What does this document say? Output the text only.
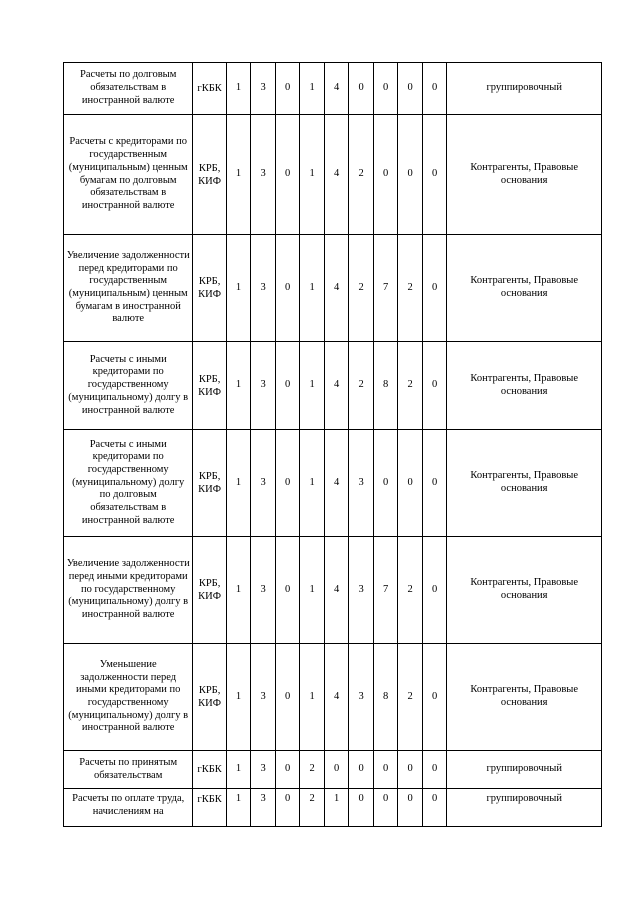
Расчеты по долговым обязательствам в иностранной валюте	гКБК	1	3	0	1	4	0	0	0	0	группировочный
Расчеты с кредиторами по государственным (муниципальным) ценным бумагам по долговым обязательствам в иностранной валюте	КРБ, КИФ	1	3	0	1	4	2	0	0	0	Контрагенты, Правовые основания
Увеличение задолженности перед кредиторами по государственным (муниципальным) ценным бумагам в иностранной валюте	КРБ, КИФ	1	3	0	1	4	2	7	2	0	Контрагенты, Правовые основания
Расчеты с иными кредиторами по государственному (муниципальному) долгу в иностранной валюте	КРБ, КИФ	1	3	0	1	4	2	8	2	0	Контрагенты, Правовые основания
Расчеты с иными кредиторами по государственному (муниципальному) долгу по долговым обязательствам в иностранной валюте	КРБ, КИФ	1	3	0	1	4	3	0	0	0	Контрагенты, Правовые основания
Увеличение задолженности перед иными кредиторами по государственному (муниципальному) долгу в иностранной валюте	КРБ, КИФ	1	3	0	1	4	3	7	2	0	Контрагенты, Правовые основания
Уменьшение задолженности перед иными кредиторами по государственному (муниципальному) долгу в иностранной валюте	КРБ, КИФ	1	3	0	1	4	3	8	2	0	Контрагенты, Правовые основания
Расчеты по принятым обязательствам	гКБК	1	3	0	2	0	0	0	0	0	группировочный
Расчеты по оплате труда, начислениям на	гКБК	1	3	0	2	1	0	0	0	0	группировочный
